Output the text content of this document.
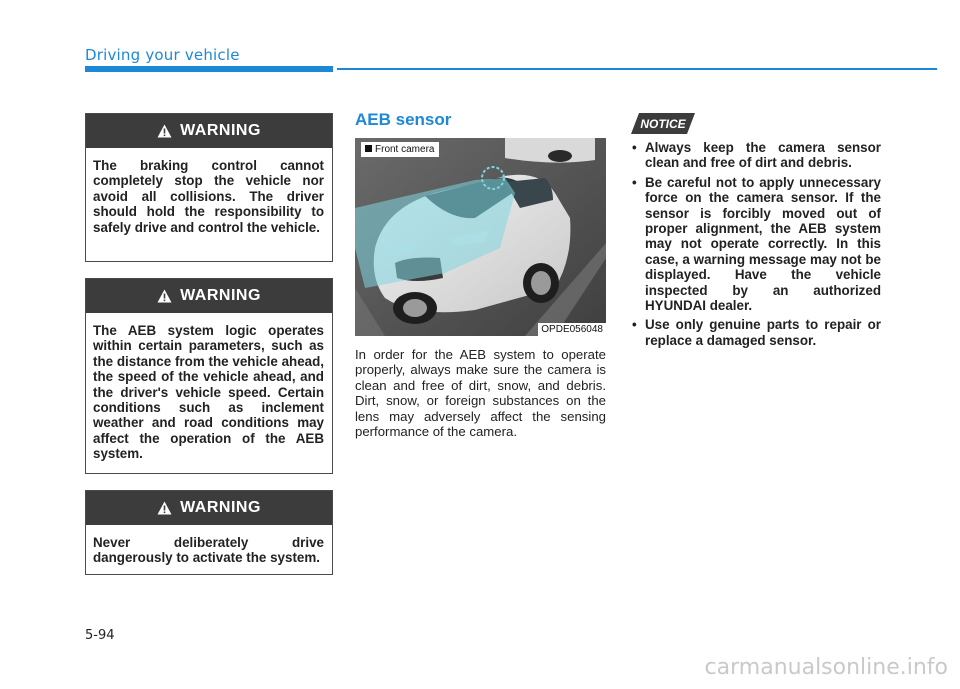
Driving your vehicle
WARNING
The braking control cannot completely stop the vehicle nor avoid all collisions. The driver should hold the responsibility to safely drive and control the vehicle.
WARNING
The AEB system logic operates within certain parameters, such as the distance from the vehicle ahead, the speed of the vehicle ahead, and the driver's vehicle speed. Certain conditions such as inclement weather and road conditions may affect the operation of the AEB system.
WARNING
Never deliberately drive dangerously to activate the system.
AEB sensor
Front camera
OPDE056048
In order for the AEB system to operate properly, always make sure the camera is clean and free of dirt, snow, and debris. Dirt, snow, or foreign substances on the lens may adversely affect the sensing performance of the camera.
NOTICE
• Always keep the camera sensor clean and free of dirt and debris.
• Be careful not to apply unnecessary force on the camera sensor. If the sensor is forcibly moved out of proper alignment, the AEB system may not operate correctly. In this case, a warning message may not be displayed. Have the vehicle inspected by an authorized HYUNDAI dealer.
• Use only genuine parts to repair or replace a damaged sensor.
5-94
carmanualsonline.info
